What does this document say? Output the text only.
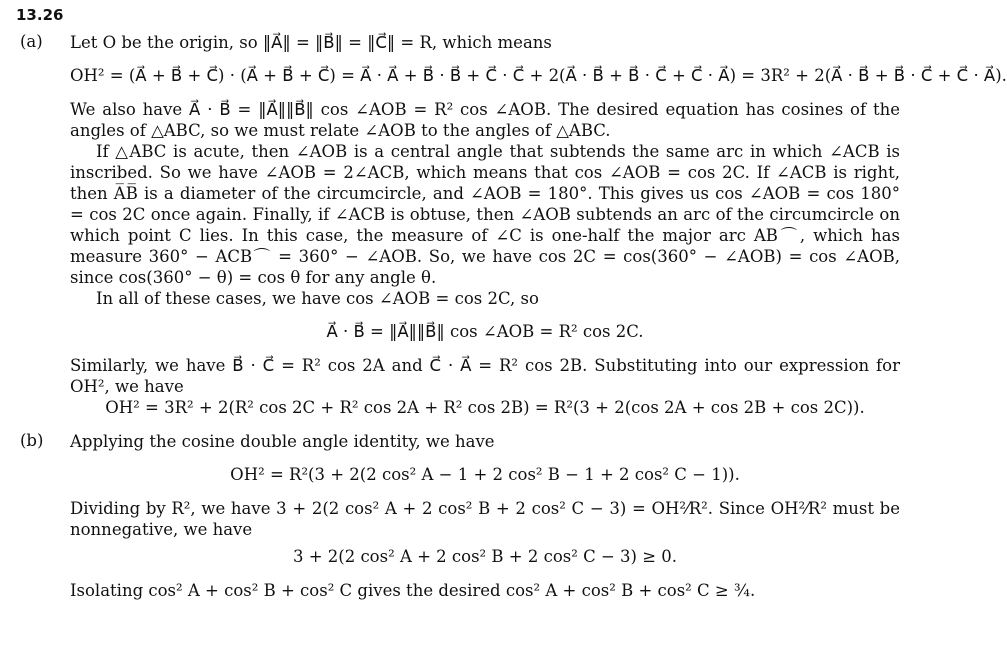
13.26
(a) Let O be the origin, so ‖A⃗‖ = ‖B⃗‖ = ‖C⃗‖ = R, which means

OH² = (A⃗ + B⃗ + C⃗) · (A⃗ + B⃗ + C⃗) = A⃗ · A⃗ + B⃗ · B⃗ + C⃗ · C⃗ + 2(A⃗ · B⃗ + B⃗ · C⃗ + C⃗ · A⃗) = 3R² + 2(A⃗ · B⃗ + B⃗ · C⃗ + C⃗ · A⃗).

We also have A⃗ · B⃗ = ‖A⃗‖‖B⃗‖ cos ∠AOB = R² cos ∠AOB. The desired equation has cosines of the angles of △ABC, so we must relate ∠AOB to the angles of △ABC.

If △ABC is acute, then ∠AOB is a central angle that subtends the same arc in which ∠ACB is inscribed. So we have ∠AOB = 2∠ACB, which means that cos ∠AOB = cos 2C. If ∠ACB is right, then A̅B̅ is a diameter of the circumcircle, and ∠AOB = 180°. This gives us cos ∠AOB = cos 180° = cos 2C once again. Finally, if ∠ACB is obtuse, then ∠AOB subtends an arc of the circumcircle on which point C lies. In this case, the measure of ∠C is one-half the major arc AB⌒, which has measure 360° − ACB⌒ = 360° − ∠AOB. So, we have cos 2C = cos(360° − ∠AOB) = cos ∠AOB, since cos(360° − θ) = cos θ for any angle θ.

In all of these cases, we have cos ∠AOB = cos 2C, so

A⃗ · B⃗ = ‖A⃗‖‖B⃗‖ cos ∠AOB = R² cos 2C.

Similarly, we have B⃗ · C⃗ = R² cos 2A and C⃗ · A⃗ = R² cos 2B. Substituting into our expression for OH², we have

OH² = 3R² + 2(R² cos 2C + R² cos 2A + R² cos 2B) = R²(3 + 2(cos 2A + cos 2B + cos 2C)).
(b) Applying the cosine double angle identity, we have

OH² = R²(3 + 2(2 cos² A − 1 + 2 cos² B − 1 + 2 cos² C − 1)).

Dividing by R², we have 3 + 2(2 cos² A + 2 cos² B + 2 cos² C − 3) = OH²⁄R². Since OH²⁄R² must be nonnegative, we have

3 + 2(2 cos² A + 2 cos² B + 2 cos² C − 3) ≥ 0.

Isolating cos² A + cos² B + cos² C gives the desired cos² A + cos² B + cos² C ≥ ¾.
